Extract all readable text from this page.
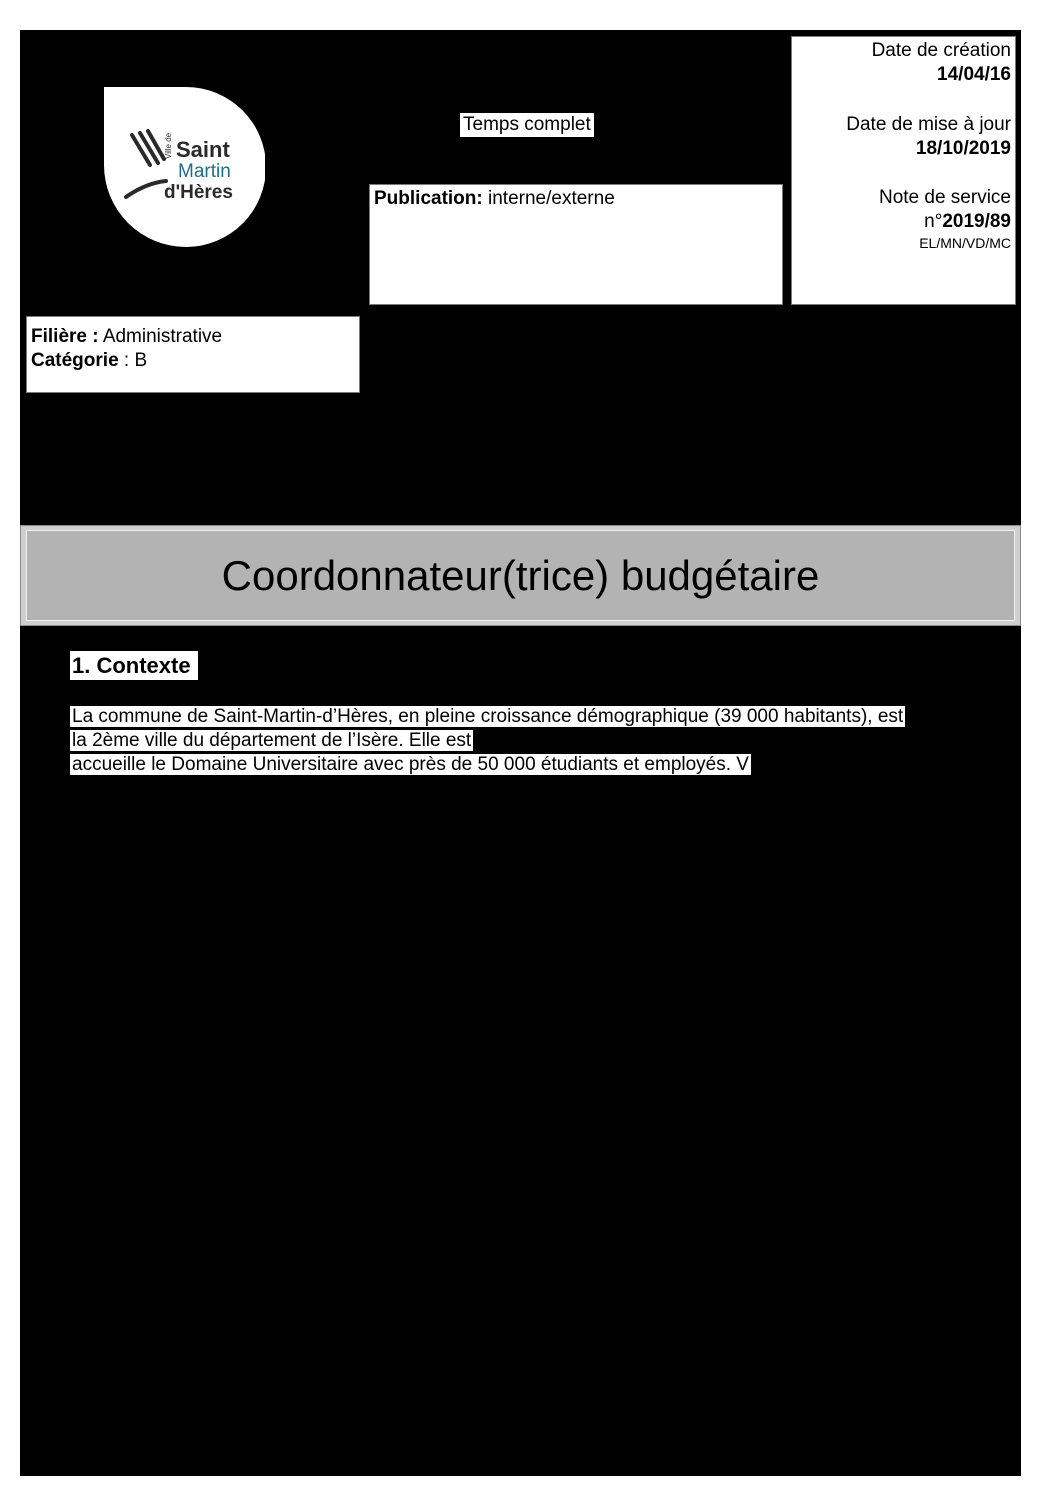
Ville de Saint
Martin
d'Hères
Temps complet
Publication: interne/externe

Date de création

14/04/16

Date de mise à jour

18/10/2019

Note de service

n°2019/89

EL/MN/VD/MC

Filière : Administrative
Catégorie : B
Coordonnateur(trice) budgétaire
1. Contexte
La commune de Saint-Martin-d’Hères, en pleine croissance démographique (39 000 habitants), est
la 2ème ville du département de l’Isère. Elle est
accueille le Domaine Universitaire avec près de 50 000 étudiants et employés. V
